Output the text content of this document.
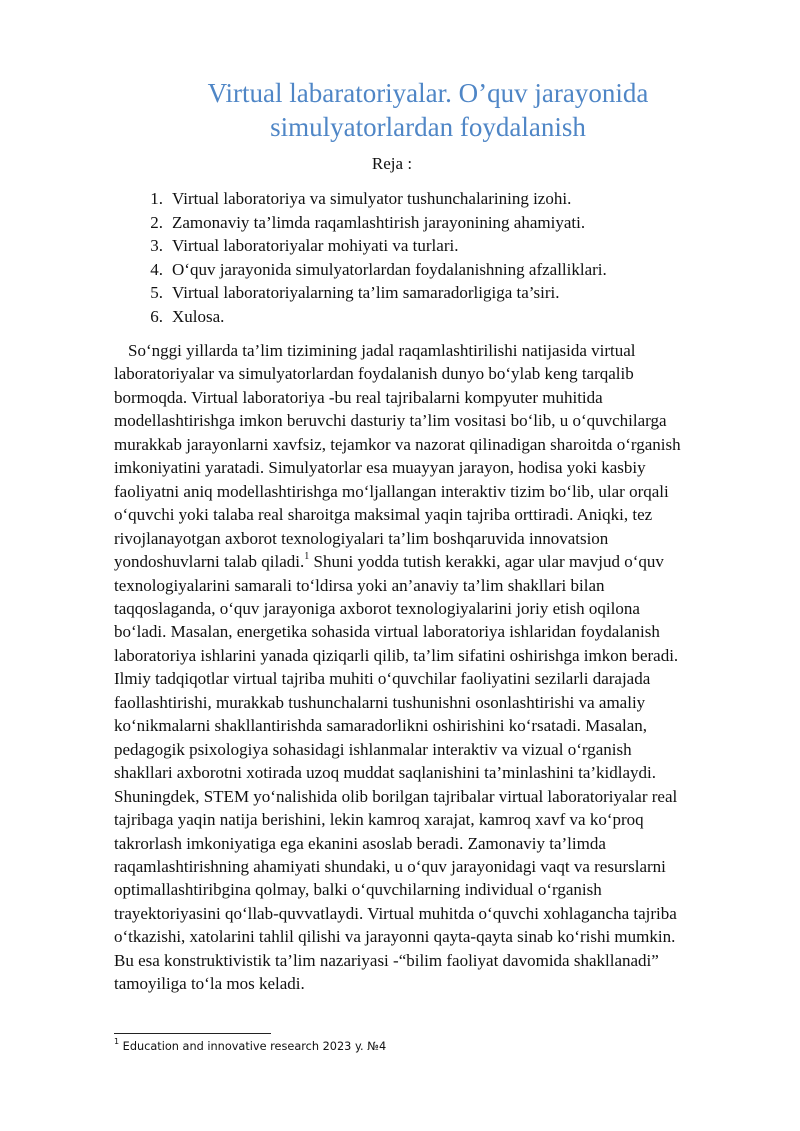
Virtual labaratoriyalar. O’quv jarayonida
simulyatorlardan foydalanish
Reja :
1. Virtual laboratoriya va simulyator tushunchalarining izohi.
2. Zamonaviy ta’limda raqamlashtirish jarayonining ahamiyati.
3. Virtual laboratoriyalar mohiyati va turlari.
4. O‘quv jarayonida simulyatorlardan foydalanishning afzalliklari.
5. Virtual laboratoriyalarning ta’lim samaradorligiga ta’siri.
6. Xulosa.
So‘nggi yillarda ta’lim tizimining jadal raqamlashtirilishi natijasida virtual
laboratoriyalar va simulyatorlardan foydalanish dunyo bo‘ylab keng tarqalib
bormoqda. Virtual laboratoriya -bu real tajribalarni kompyuter muhitida
modellashtirishga imkon beruvchi dasturiy ta’lim vositasi bo‘lib, u o‘quvchilarga
murakkab jarayonlarni xavfsiz, tejamkor va nazorat qilinadigan sharoitda o‘rganish
imkoniyatini yaratadi. Simulyatorlar esa muayyan jarayon, hodisa yoki kasbiy
faoliyatni aniq modellashtirishga mo‘ljallangan interaktiv tizim bo‘lib, ular orqali
o‘quvchi yoki talaba real sharoitga maksimal yaqin tajriba orttiradi. Aniqki, tez
rivojlanayotgan axborot texnologiyalari ta’lim boshqaruvida innovatsion
yondoshuvlarni talab qiladi.$^1$ Shuni yodda tutish kerakki, agar ular mavjud o‘quv
texnologiyalarini samarali to‘ldirsa yoki an’anaviy ta’lim shakllari bilan
taqqoslaganda, o‘quv jarayoniga axborot texnologiyalarini joriy etish oqilona
bo‘ladi. Masalan, energetika sohasida virtual laboratoriya ishlaridan foydalanish
laboratoriya ishlarini yanada qiziqarli qilib, ta’lim sifatini oshirishga imkon beradi.
Ilmiy tadqiqotlar virtual tajriba muhiti o‘quvchilar faoliyatini sezilarli darajada
faollashtirishi, murakkab tushunchalarni tushunishni osonlashtirishi va amaliy
ko‘nikmalarni shakllantirishda samaradorlikni oshirishini ko‘rsatadi. Masalan,
pedagogik psixologiya sohasidagi ishlanmalar interaktiv va vizual o‘rganish
shakllari axborotni xotirada uzoq muddat saqlanishini ta’minlashini ta’kidlaydi.
Shuningdek, STEM yo‘nalishida olib borilgan tajribalar virtual laboratoriyalar real
tajribaga yaqin natija berishini, lekin kamroq xarajat, kamroq xavf va ko‘proq
takrorlash imkoniyatiga ega ekanini asoslab beradi. Zamonaviy ta’limda
raqamlashtirishning ahamiyati shundaki, u o‘quv jarayonidagi vaqt va resurslarni
optimallashtiribgina qolmay, balki o‘quvchilarning individual o‘rganish
trayektoriyasini qo‘llab-quvvatlaydi. Virtual muhitda o‘quvchi xohlagancha tajriba
o‘tkazishi, xatolarini tahlil qilishi va jarayonni qayta-qayta sinab ko‘rishi mumkin.
Bu esa konstruktivistik ta’lim nazariyasi -“bilim faoliyat davomida shakllanadi”
tamoyiliga to‘la mos keladi.
$^1$ Education and innovative research 2023 y. №4
